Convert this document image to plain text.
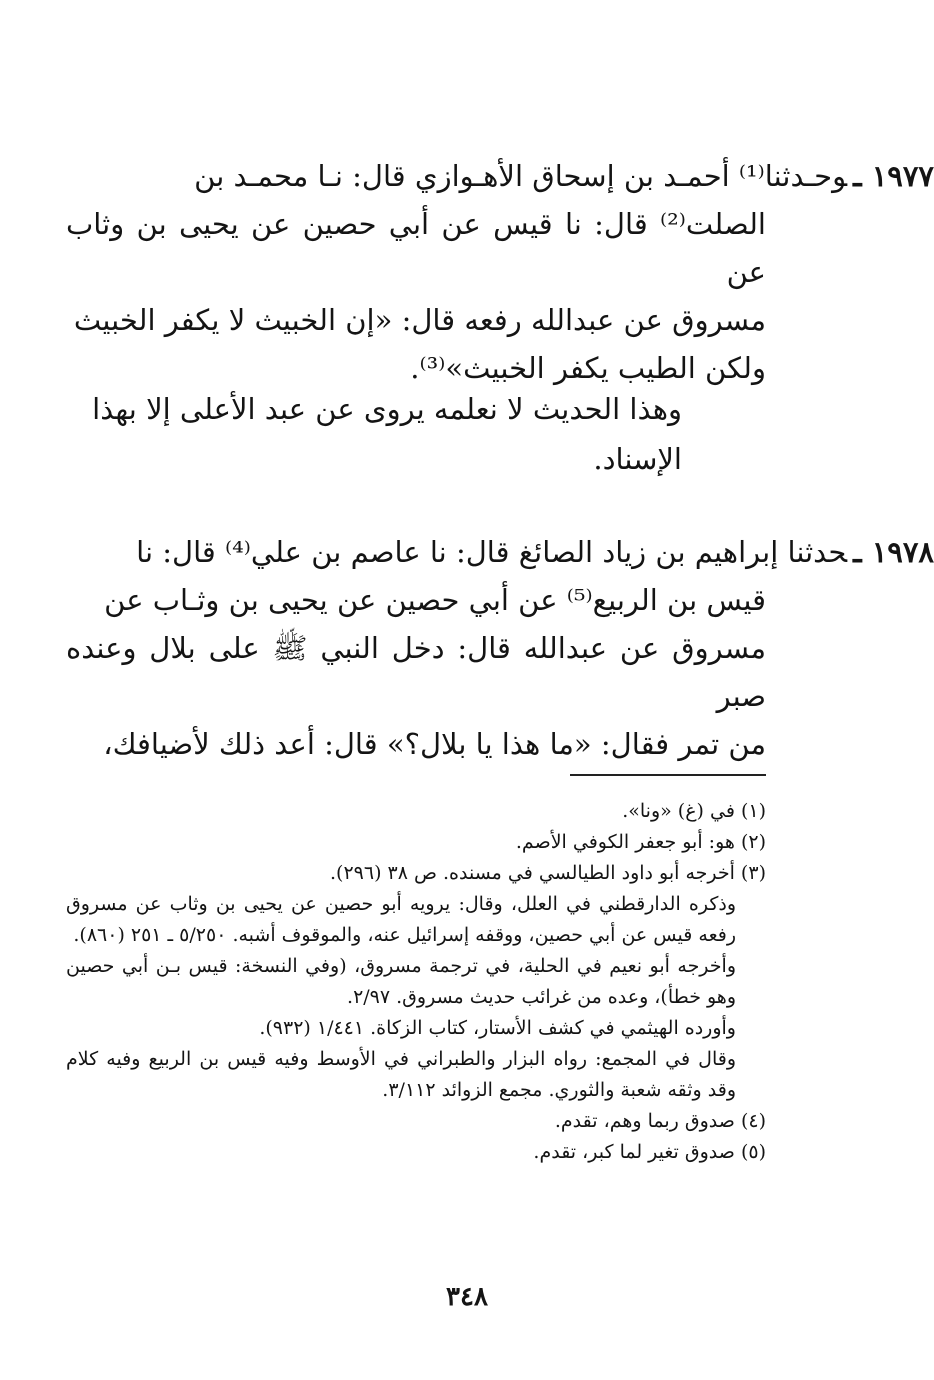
١٩٧٧ ـوحـدثنا⁽¹⁾ أحمـد بن إسحاق الأهـوازي قال: نـا محمـد بن
الصلت⁽²⁾ قال: نا قيس عن أبي حصين عن يحيى بن وثاب عن
مسروق عن عبدالله رفعه قال: «إن الخبيث لا يكفر الخبيث
ولكن الطيب يكفر الخبيث»⁽³⁾.
وهذا الحديث لا نعلمه يروى عن عبد الأعلى إلا بهذا
الإسناد.
١٩٧٨ ـحدثنا إبراهيم بن زياد الصائغ قال: نا عاصم بن علي⁽⁴⁾ قال: نا
قيس بن الربيع⁽⁵⁾ عن أبي حصين عن يحيى بن وثـاب عن
مسروق عن عبدالله قال: دخل النبي ﷺ على بلال وعنده صبر
من تمر فقال: «ما هذا يا بلال؟» قال: أعد ذلك لأضيافك،

(١) في (غ) «ونا».

(٢) هو: أبو جعفر الكوفي الأصم.

(٣) أخرجه أبو داود الطيالسي في مسنده. ص ٣٨ (٢٩٦).

وذكره الدارقطني في العلل، وقال: يرويه أبو حصين عن يحيى بن وثاب عن مسروق رفعه قيس عن أبي حصين، ووقفه إسرائيل عنه، والموقوف أشبه. ٥/٢٥٠ ـ ٢٥١ (٨٦٠).

وأخرجه أبو نعيم في الحلية، في ترجمة مسروق، (وفي النسخة: قيس بـن أبي حصين وهو خطأ)، وعده من غرائب حديث مسروق. ٢/٩٧.

وأورده الهيثمي في كشف الأستار، كتاب الزكاة. ١/٤٤١ (٩٣٢).

وقال في المجمع: رواه البزار والطبراني في الأوسط وفيه قيس بن الربيع وفيه كلام وقد وثقه شعبة والثوري. مجمع الزوائد ٣/١١٢.

(٤) صدوق ربما وهم، تقدم.

(٥) صدوق تغير لما كبر، تقدم.

٣٤٨
